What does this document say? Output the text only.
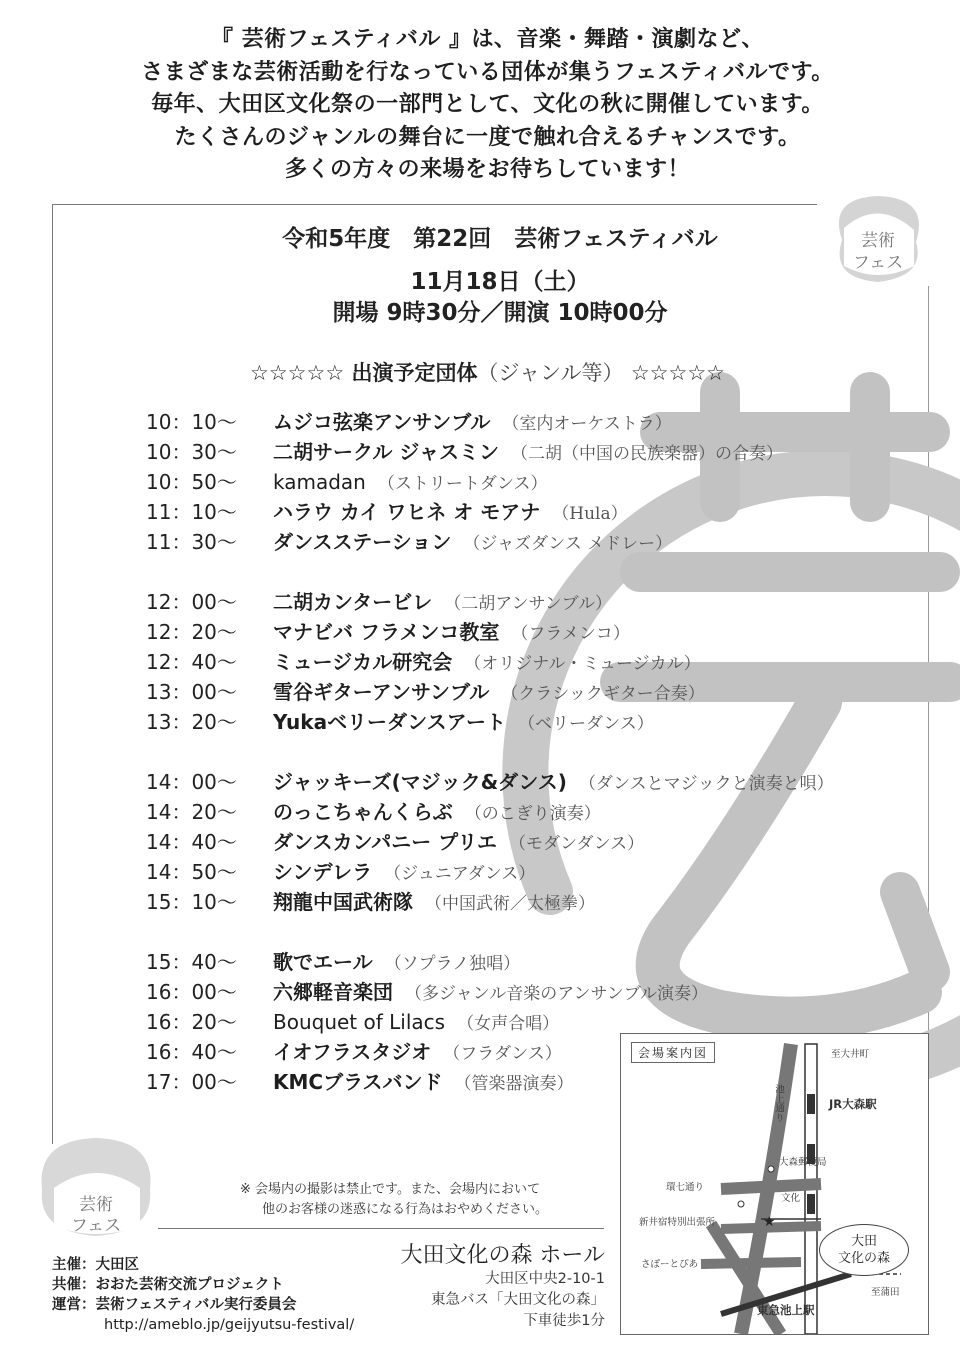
『 芸術フェスティバル 』は、音楽・舞踏・演劇など、
さまざまな芸術活動を行なっている団体が集うフェスティバルです。
毎年、大田区文化祭の一部門として、文化の秋に開催しています。
たくさんのジャンルの舞台に一度で触れ合えるチャンスです。
多くの方々の来場をお待ちしています！
芸術
フェス
芸術
フェス
令和5年度　第22回　芸術フェスティバル
11月18日（土）
開場 9時30分／開演 10時00分
☆☆☆☆☆ 出演予定団体（ジャンル等） ☆☆☆☆☆
10：10～ ムジコ弦楽アンサンブル （室内オーケストラ）
10：30～ 二胡サークル ジャスミン （二胡（中国の民族楽器）の合奏）
10：50～ kamadan （ストリートダンス）
11：10～ ハラウ カイ ワヒネ オ モアナ （Hula）
11：30～ ダンスステーション （ジャズダンス メドレー）
12：00～ 二胡カンタービレ （二胡アンサンブル）
12：20～ マナビバ フラメンコ教室 （フラメンコ）
12：40～ ミュージカル研究会 （オリジナル・ミュージカル）
13：00～ 雪谷ギターアンサンブル （クラシックギター合奏）
13：20～ Yukaベリーダンスアート （ベリーダンス）
14：00～ ジャッキーズ(マジック&ダンス) （ダンスとマジックと演奏と唄）
14：20～ のっこちゃんくらぶ （のこぎり演奏）
14：40～ ダンスカンパニー プリエ （モダンダンス）
14：50～ シンデレラ （ジュニアダンス）
15：10～ 翔龍中国武術隊 （中国武術／太極拳）
15：40～ 歌でエール （ソプラノ独唱）
16：00～ 六郷軽音楽団 （多ジャンル音楽のアンサンブル演奏）
16：20～ Bouquet of Lilacs （女声合唱）
16：40～ イオフラスタジオ （フラダンス）
17：00～ KMCブラスバンド （管楽器演奏）
※ 会場内の撮影は禁止です。また、会場内において
他のお客様の迷惑になる行為はおやめください。
主催：大田区
共催：おおた芸術交流プロジェクト
運営：芸術フェスティバル実行委員会
http://ameblo.jp/geijyutsu-festival/
大田文化の森 ホール
大田区中央2-10-1
東急バス「大田文化の森」
下車徒歩1分
★
会場案内図	至大井町
JR大森駅
池上通り
環七通り
大森郵便局
文化
新井宿特別出張所
さぽーとぴあ
至蒲田
東急池上駅
大田
文化の森
